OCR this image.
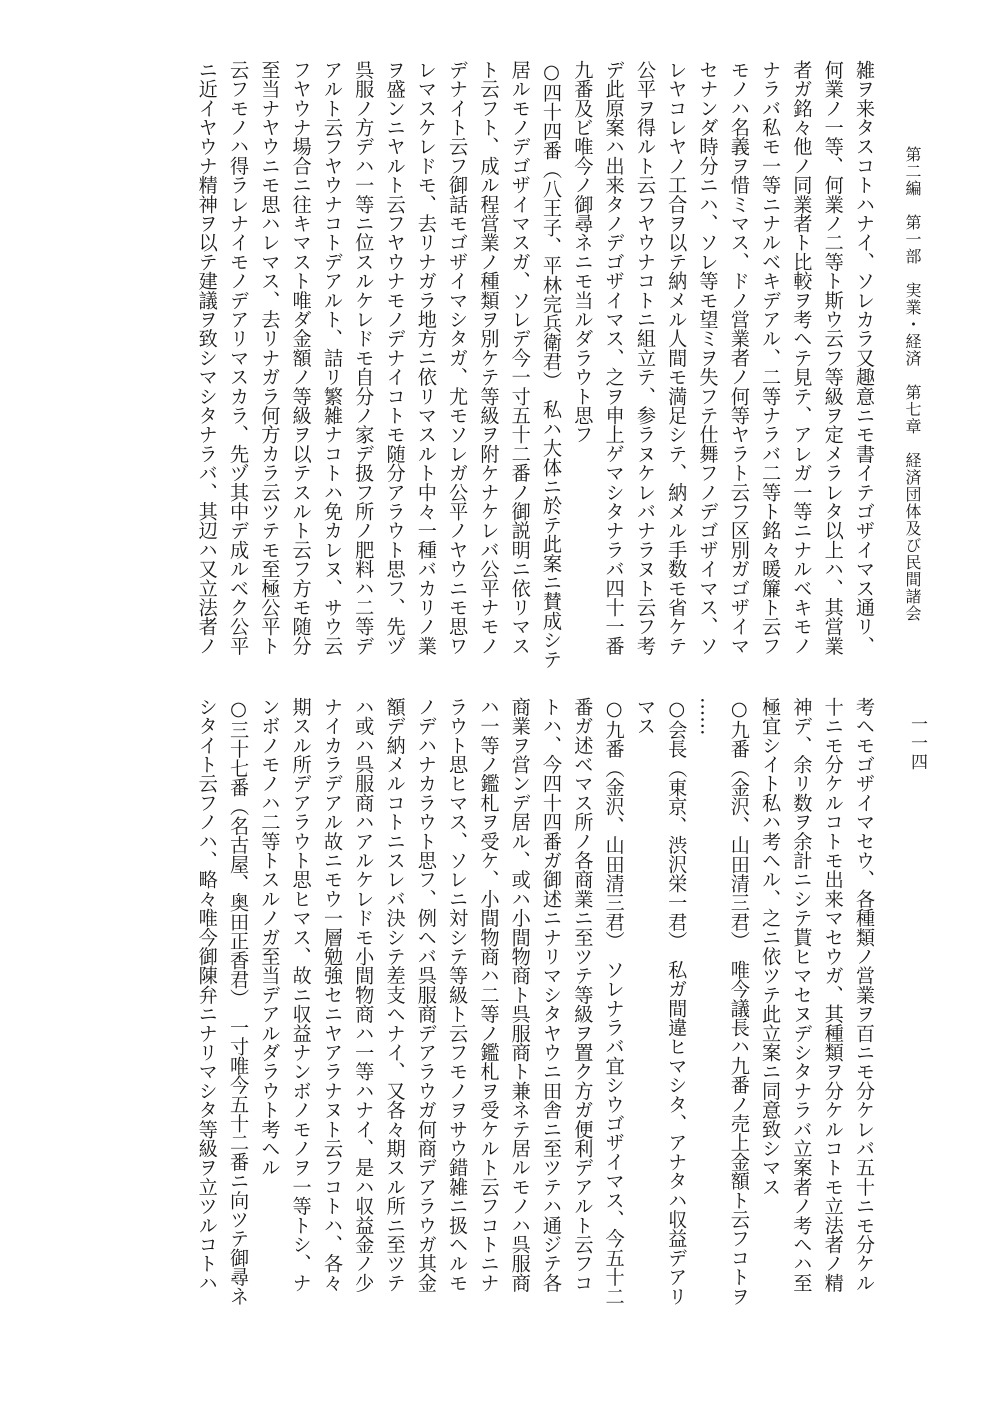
第二編　第一部　実業・経済　第七章　経済団体及び民間諸会
一一四
雑ヲ来タスコトハナイ、ソレカラ又趣意ニモ書イテゴザイマス通リ、
何業ノ一等、何業ノ二等ト斯ウ云フ等級ヲ定メラレタ以上ハ、其営業
者ガ銘々他ノ同業者ト比較ヲ考ヘテ見テ、アレガ一等ニナルベキモノ
ナラバ私モ一等ニナルベキデアル、二等ナラバ二等ト銘々暖簾ト云フ
モノハ名義ヲ惜ミマス、ドノ営業者ノ何等ヤラト云フ区別ガゴザイマ
セナンダ時分ニハ、ソレ等モ望ミヲ失フテ仕舞フノデゴザイマス、ソ
レヤコレヤノ工合ヲ以テ納メル人間モ満足シテ、納メル手数モ省ケテ
公平ヲ得ルト云フヤウナコトニ組立テ、参ラヌケレバナラヌト云フ考
デ此原案ハ出来タノデゴザイマス、之ヲ申上ゲマシタナラバ四十一番
九番及ビ唯今ノ御尋ネニモ当ルダラウト思フ
○四十四番（八王子、平林完兵衛君）　私ハ大体ニ於テ此案ニ賛成シテ
居ルモノデゴザイマスガ、ソレデ今一寸五十二番ノ御説明ニ依リマス
ト云フト、成ル程営業ノ種類ヲ別ケテ等級ヲ附ケナケレバ公平ナモノ
デナイト云フ御話モゴザイマシタガ、尤モソレガ公平ノヤウニモ思ワ
レマスケレドモ、去リナガラ地方ニ依リマスルト中々一種バカリノ業
ヲ盛ンニヤルト云フヤウナモノデナイコトモ随分アラウト思フ、先ヅ
呉服ノ方デハ一等ニ位スルケレドモ自分ノ家デ扱フ所ノ肥料ハ二等デ
アルト云フヤウナコトデアルト、詰リ繁雑ナコトハ免カレヌ、サウ云
フヤウナ場合ニ往キマスト唯ダ金額ノ等級ヲ以テスルト云フ方モ随分
至当ナヤウニモ思ハレマス、去リナガラ何方カラ云ツテモ至極公平ト
云フモノハ得ラレナイモノデアリマスカラ、先ヅ其中デ成ルベク公平
ニ近イヤウナ精神ヲ以テ建議ヲ致シマシタナラバ、其辺ハ又立法者ノ
考ヘモゴザイマセウ、各種類ノ営業ヲ百ニモ分ケレバ五十ニモ分ケル
十ニモ分ケルコトモ出来マセウガ、其種類ヲ分ケルコトモ立法者ノ精
神デ、余リ数ヲ余計ニシテ貰ヒマセヌデシタナラバ立案者ノ考ヘハ至
極宜シイト私ハ考ヘル、之ニ依ツテ此立案ニ同意致シマス
○九番（金沢、山田清三君）　唯今議長ハ九番ノ売上金額ト云フコトヲ
……
○会長（東京、渋沢栄一君）　私ガ間違ヒマシタ、アナタハ収益デアリ
マス
○九番（金沢、山田清三君）　ソレナラバ宜シウゴザイマス、今五十二
番ガ述ベマス所ノ各商業ニ至ツテ等級ヲ置ク方ガ便利デアルト云フコ
トハ、今四十四番ガ御述ニナリマシタヤウニ田舎ニ至ツテハ通ジテ各
商業ヲ営ンデ居ル、或ハ小間物商ト呉服商ト兼ネテ居ルモノハ呉服商
ハ一等ノ鑑札ヲ受ケ、小間物商ハ二等ノ鑑札ヲ受ケルト云フコトニナ
ラウト思ヒマス、ソレニ対シテ等級ト云フモノヲサウ錯雑ニ扱ヘルモ
ノデハナカラウト思フ、例ヘバ呉服商デアラウガ何商デアラウガ其金
額デ納メルコトニスレバ決シテ差支ヘナイ、又各々期スル所ニ至ツテ
ハ或ハ呉服商ハアルケレドモ小間物商ハ一等ハナイ、是ハ収益金ノ少
ナイカラデアル故ニモウ一層勉強セニヤアラナヌト云フコトハ、各々
期スル所デアラウト思ヒマス、故ニ収益ナンボノモノヲ一等トシ、ナ
ンボノモノハ二等トスルノガ至当デアルダラウト考ヘル
○三十七番（名古屋、奥田正香君）　一寸唯今五十二番ニ向ツテ御尋ネ
シタイト云フノハ、略々唯今御陳弁ニナリマシタ等級ヲ立ツルコトハ
